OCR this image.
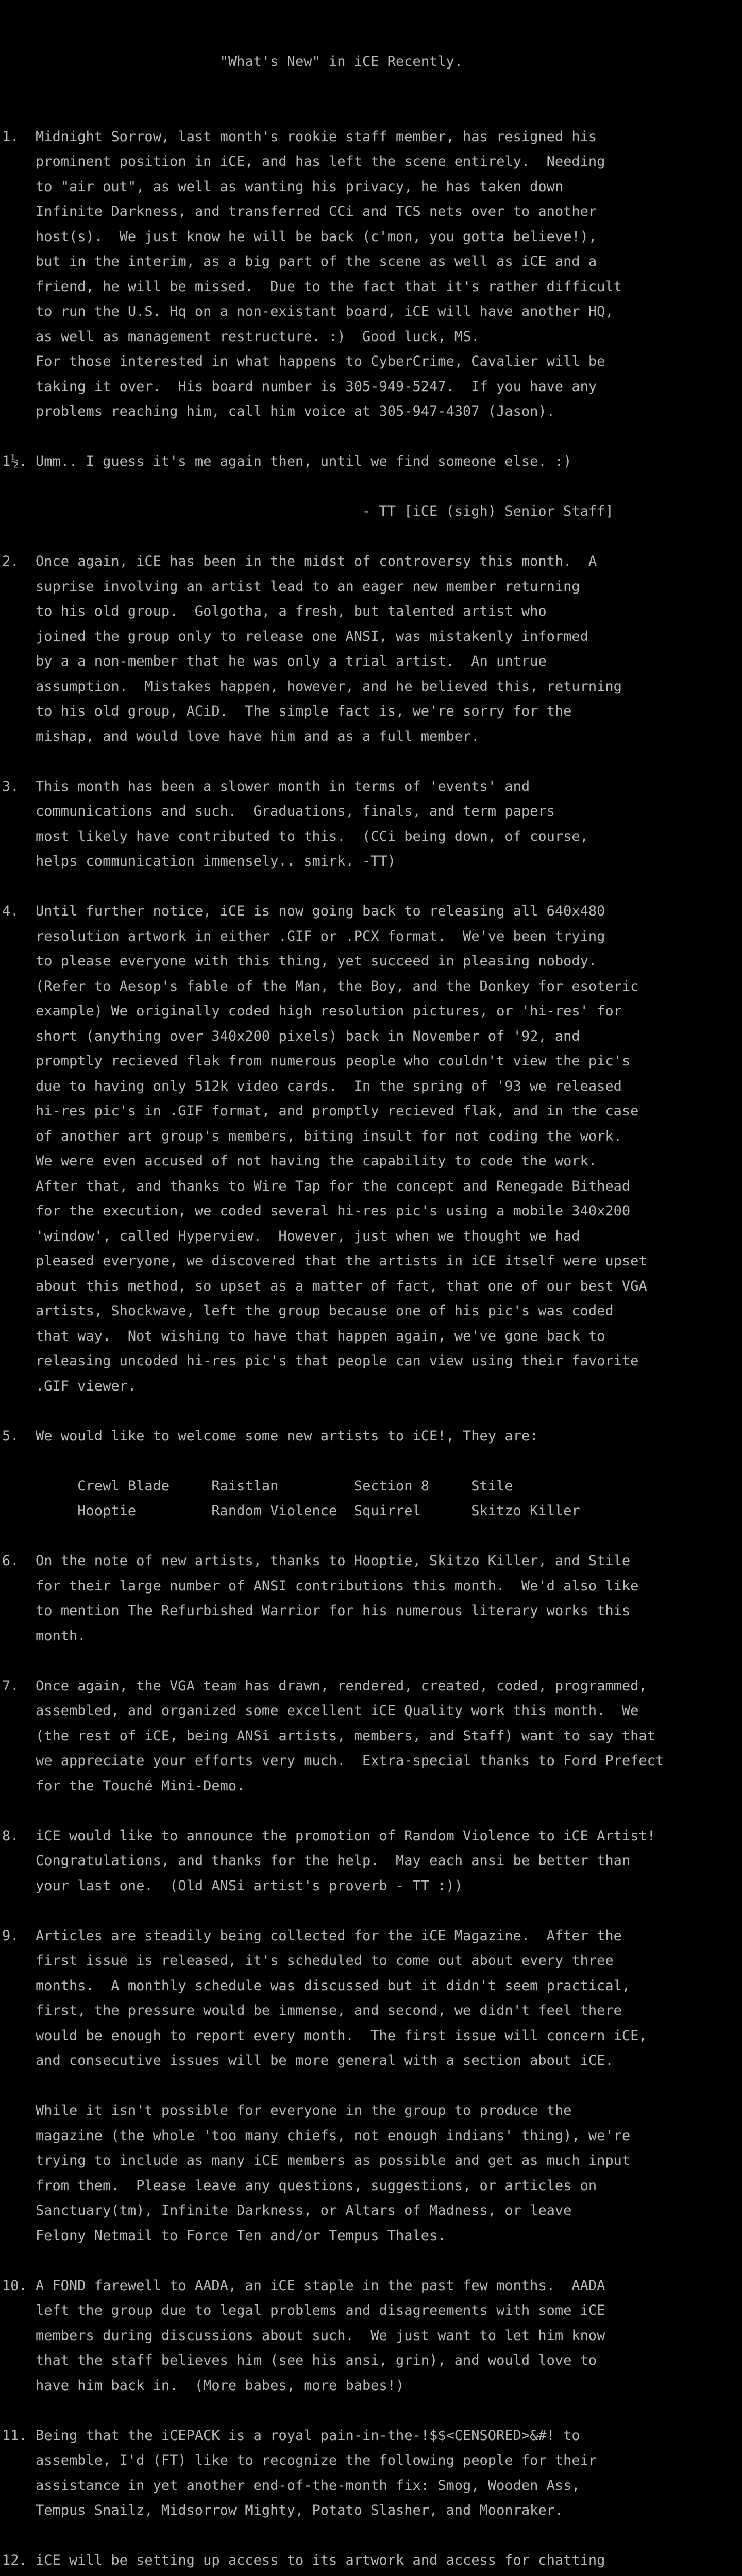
"What's New" in iCE Recently.
1.  Midnight Sorrow, last month's rookie staff member, has resigned his
prominent position in iCE, and has left the scene entirely.  Needing
to "air out", as well as wanting his privacy, he has taken down
Infinite Darkness, and transferred CCi and TCS nets over to another
host(s).  We just know he will be back (c'mon, you gotta believe!),
but in the interim, as a big part of the scene as well as iCE and a
friend, he will be missed.  Due to the fact that it's rather difficult
to run the U.S. Hq on a non-existant board, iCE will have another HQ,
as well as management restructure. :)  Good luck, MS.
For those interested in what happens to CyberCrime, Cavalier will be
taking it over.  His board number is 305-949-5247.  If you have any
problems reaching him, call him voice at 305-947-4307 (Jason).
1½. Umm.. I guess it's me again then, until we find someone else. :)
- TT [iCE (sigh) Senior Staff]
2.  Once again, iCE has been in the midst of controversy this month.  A
suprise involving an artist lead to an eager new member returning
to his old group.  Golgotha, a fresh, but talented artist who
joined the group only to release one ANSI, was mistakenly informed
by a a non-member that he was only a trial artist.  An untrue
assumption.  Mistakes happen, however, and he believed this, returning
to his old group, ACiD.  The simple fact is, we're sorry for the
mishap, and would love have him and as a full member.
3.  This month has been a slower month in terms of 'events' and
communications and such.  Graduations, finals, and term papers
most likely have contributed to this.  (CCi being down, of course,
helps communication immensely.. smirk. -TT)
4.  Until further notice, iCE is now going back to releasing all 640x480
resolution artwork in either .GIF or .PCX format.  We've been trying
to please everyone with this thing, yet succeed in pleasing nobody.
(Refer to Aesop's fable of the Man, the Boy, and the Donkey for esoteric
example) We originally coded high resolution pictures, or 'hi-res' for
short (anything over 340x200 pixels) back in November of '92, and
promptly recieved flak from numerous people who couldn't view the pic's
due to having only 512k video cards.  In the spring of '93 we released
hi-res pic's in .GIF format, and promptly recieved flak, and in the case
of another art group's members, biting insult for not coding the work.
We were even accused of not having the capability to code the work.
After that, and thanks to Wire Tap for the concept and Renegade Bithead
for the execution, we coded several hi-res pic's using a mobile 340x200
'window', called Hyperview.  However, just when we thought we had
pleased everyone, we discovered that the artists in iCE itself were upset
about this method, so upset as a matter of fact, that one of our best VGA
artists, Shockwave, left the group because one of his pic's was coded
that way.  Not wishing to have that happen again, we've gone back to
releasing uncoded hi-res pic's that people can view using their favorite
.GIF viewer.
5.  We would like to welcome some new artists to iCE!, They are:
Crewl Blade     Raistlan         Section 8     Stile
Hooptie         Random Violence  Squirrel      Skitzo Killer
6.  On the note of new artists, thanks to Hooptie, Skitzo Killer, and Stile
for their large number of ANSI contributions this month.  We'd also like
to mention The Refurbished Warrior for his numerous literary works this
month.
7.  Once again, the VGA team has drawn, rendered, created, coded, programmed,
assembled, and organized some excellent iCE Quality work this month.  We
(the rest of iCE, being ANSi artists, members, and Staff) want to say that
we appreciate your efforts very much.  Extra-special thanks to Ford Prefect
for the Touché Mini-Demo.
8.  iCE would like to announce the promotion of Random Violence to iCE Artist!
Congratulations, and thanks for the help.  May each ansi be better than
your last one.  (Old ANSi artist's proverb - TT :))
9.  Articles are steadily being collected for the iCE Magazine.  After the
first issue is released, it's scheduled to come out about every three
months.  A monthly schedule was discussed but it didn't seem practical,
first, the pressure would be immense, and second, we didn't feel there
would be enough to report every month.  The first issue will concern iCE,
and consecutive issues will be more general with a section about iCE.
While it isn't possible for everyone in the group to produce the
magazine (the whole 'too many chiefs, not enough indians' thing), we're
trying to include as many iCE members as possible and get as much input
from them.  Please leave any questions, suggestions, or articles on
Sanctuary(tm), Infinite Darkness, or Altars of Madness, or leave
Felony Netmail to Force Ten and/or Tempus Thales.
10. A FOND farewell to AADA, an iCE staple in the past few months.  AADA
left the group due to legal problems and disagreements with some iCE
members during discussions about such.  We just want to let him know
that the staff believes him (see his ansi, grin), and would love to
have him back in.  (More babes, more babes!)
11. Being that the iCEPACK is a royal pain-in-the-!$$<CENSORED>&#! to
assemble, I'd (FT) like to recognize the following people for their
assistance in yet another end-of-the-month fix: Smog, Wooden Ass,
Tempus Snailz, Midsorrow Mighty, Potato Slasher, and Moonraker.
12. iCE will be setting up access to its artwork and access for chatting
